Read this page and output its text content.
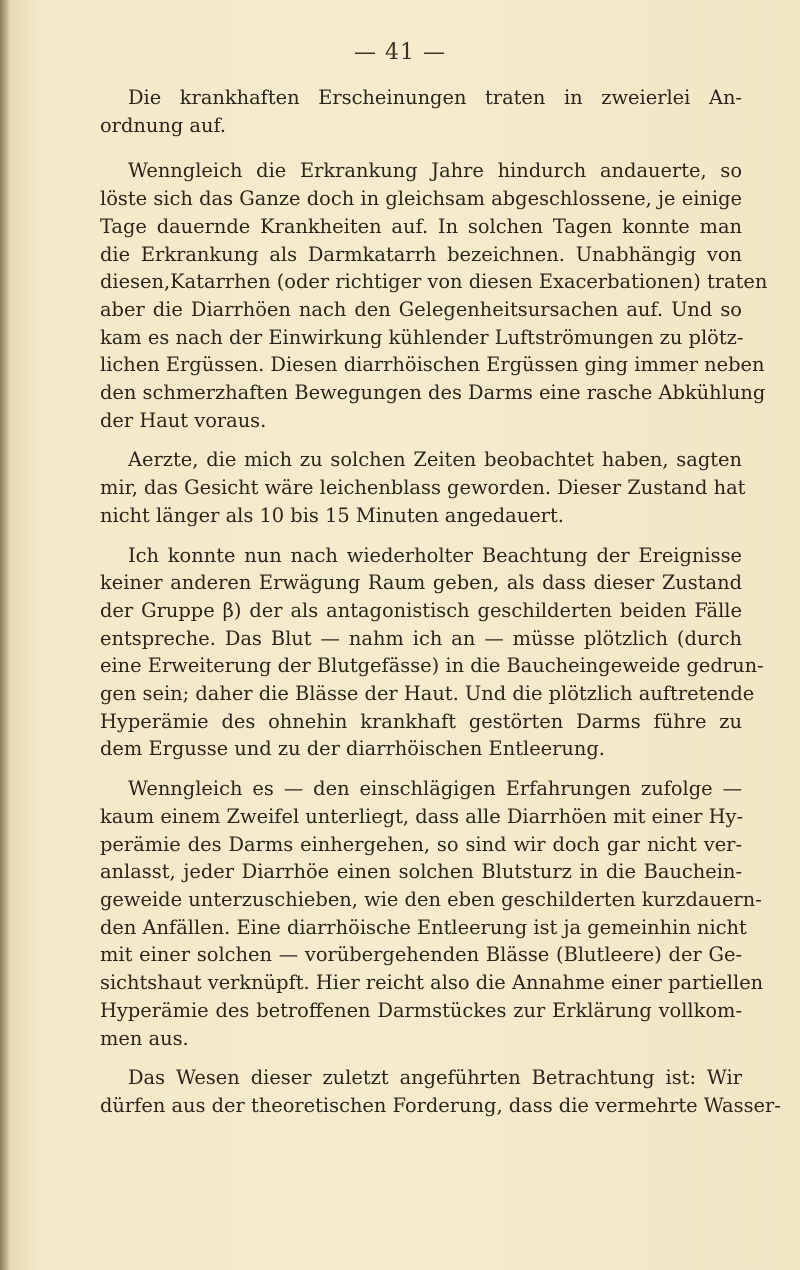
— 41 —

Die krankhaften Erscheinungen traten in zweierlei An-
ordnung auf.

Wenngleich die Erkrankung Jahre hindurch andauerte, so
löste sich das Ganze doch in gleichsam abgeschlossene, je einige
Tage dauernde Krankheiten auf. In solchen Tagen konnte man
die Erkrankung als Darmkatarrh bezeichnen. Unabhängig von
diesen,Katarrhen (oder richtiger von diesen Exacerbationen) traten
aber die Diarrhöen nach den Gelegenheitsursachen auf. Und so
kam es nach der Einwirkung kühlender Luftströmungen zu plötz-
lichen Ergüssen. Diesen diarrhöischen Ergüssen ging immer neben
den schmerzhaften Bewegungen des Darms eine rasche Abkühlung
der Haut voraus.

Aerzte, die mich zu solchen Zeiten beobachtet haben, sagten
mir, das Gesicht wäre leichenblass geworden. Dieser Zustand hat
nicht länger als 10 bis 15 Minuten angedauert.

Ich konnte nun nach wiederholter Beachtung der Ereignisse
keiner anderen Erwägung Raum geben, als dass dieser Zustand
der Gruppe β) der als antagonistisch geschilderten beiden Fälle
entspreche. Das Blut — nahm ich an — müsse plötzlich (durch
eine Erweiterung der Blutgefässe) in die Baucheingeweide gedrun-
gen sein; daher die Blässe der Haut. Und die plötzlich auftretende
Hyperämie des ohnehin krankhaft gestörten Darms führe zu
dem Ergusse und zu der diarrhöischen Entleerung.

Wenngleich es — den einschlägigen Erfahrungen zufolge —
kaum einem Zweifel unterliegt, dass alle Diarrhöen mit einer Hy-
perämie des Darms einhergehen, so sind wir doch gar nicht ver-
anlasst, jeder Diarrhöe einen solchen Blutsturz in die Bauchein-
geweide unterzuschieben, wie den eben geschilderten kurzdauern-
den Anfällen. Eine diarrhöische Entleerung ist ja gemeinhin nicht
mit einer solchen — vorübergehenden Blässe (Blutleere) der Ge-
sichtshaut verknüpft. Hier reicht also die Annahme einer partiellen
Hyperämie des betroffenen Darmstückes zur Erklärung vollkom-
men aus.

Das Wesen dieser zuletzt angeführten Betrachtung ist: Wir
dürfen aus der theoretischen Forderung, dass die vermehrte Wasser-
